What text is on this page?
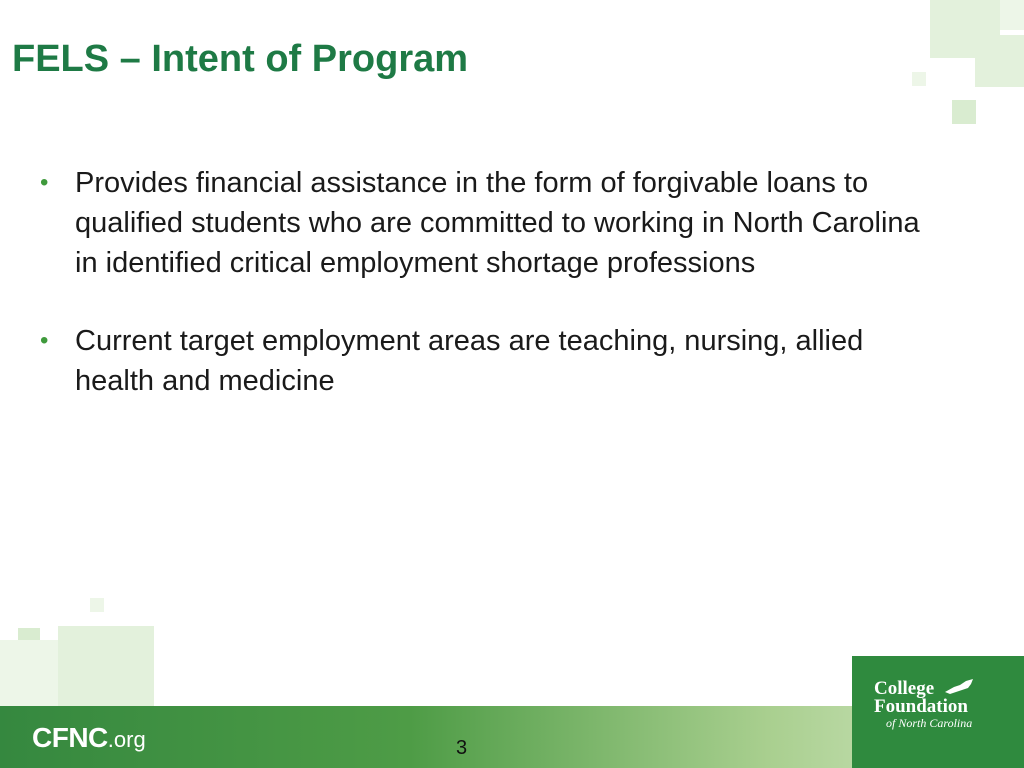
FELS – Intent of Program
• Provides financial assistance in the form of forgivable loans to qualified students who are committed to working in North Carolina in identified critical employment shortage professions
• Current target employment areas are teaching, nursing, allied health and medicine
CFNC.org	3
College
Foundation
of North Carolina
